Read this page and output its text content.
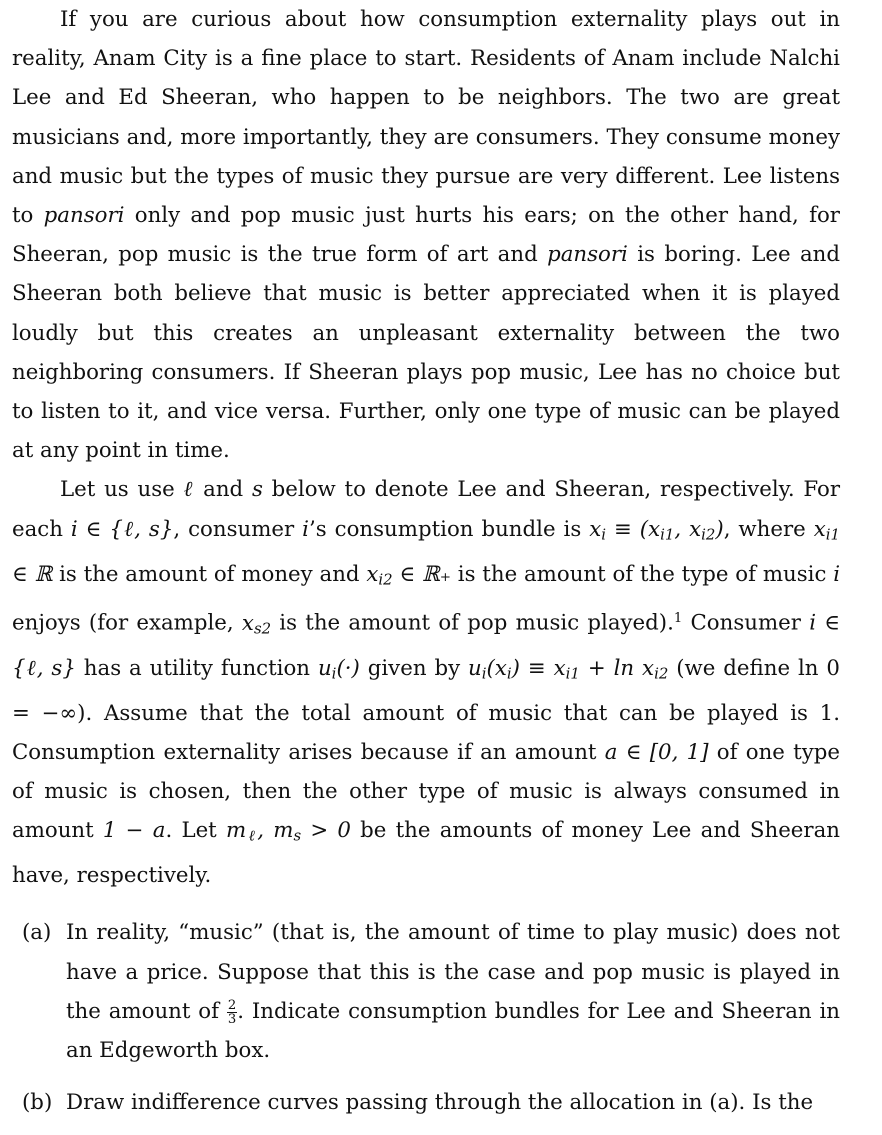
If you are curious about how consumption externality plays out in reality, Anam City is a fine place to start. Residents of Anam include Nalchi Lee and Ed Sheeran, who happen to be neighbors. The two are great musicians and, more importantly, they are consumers. They consume money and music but the types of music they pursue are very different. Lee listens to pansori only and pop music just hurts his ears; on the other hand, for Sheeran, pop music is the true form of art and pansori is boring. Lee and Sheeran both believe that music is better appreciated when it is played loudly but this creates an unpleasant externality between the two neighboring consumers. If Sheeran plays pop music, Lee has no choice but to listen to it, and vice versa. Further, only one type of music can be played at any point in time.

Let us use ℓ and s below to denote Lee and Sheeran, respectively. For each i ∈ {ℓ, s}, consumer i’s consumption bundle is $x_i \equiv (x_{i1}$, $x_{i2}$), where $x_{i1}$ ∈ ℝ is the amount of money and $x_{i2}$ ∈ ℝ₊ is the amount of the type of music i enjoys (for example, $x_{s2}$ is the amount of pop music played).$^1$ Consumer i ∈ {ℓ, s} has a utility function $u_i(\cdot)$ given by $u_i(x_i) \equiv x_{i1} + \ln x_{i2}$ (we define ln 0 = −∞). Assume that the total amount of music that can be played is 1. Consumption externality arises because if an amount a ∈ [0, 1] of one type of music is chosen, then the other type of music is always consumed in amount 1 − a. Let $m_\ell$, $m_s > 0$ be the amounts of money Lee and Sheeran have, respectively.

(a) In reality, “music” (that is, the amount of time to play music) does not have a price. Suppose that this is the case and pop music is played in the amount of $\frac{2}{3}$ . Indicate consumption bundles for Lee and Sheeran in an Edgeworth box.

(b) Draw indifference curves passing through the allocation in (a). Is the
